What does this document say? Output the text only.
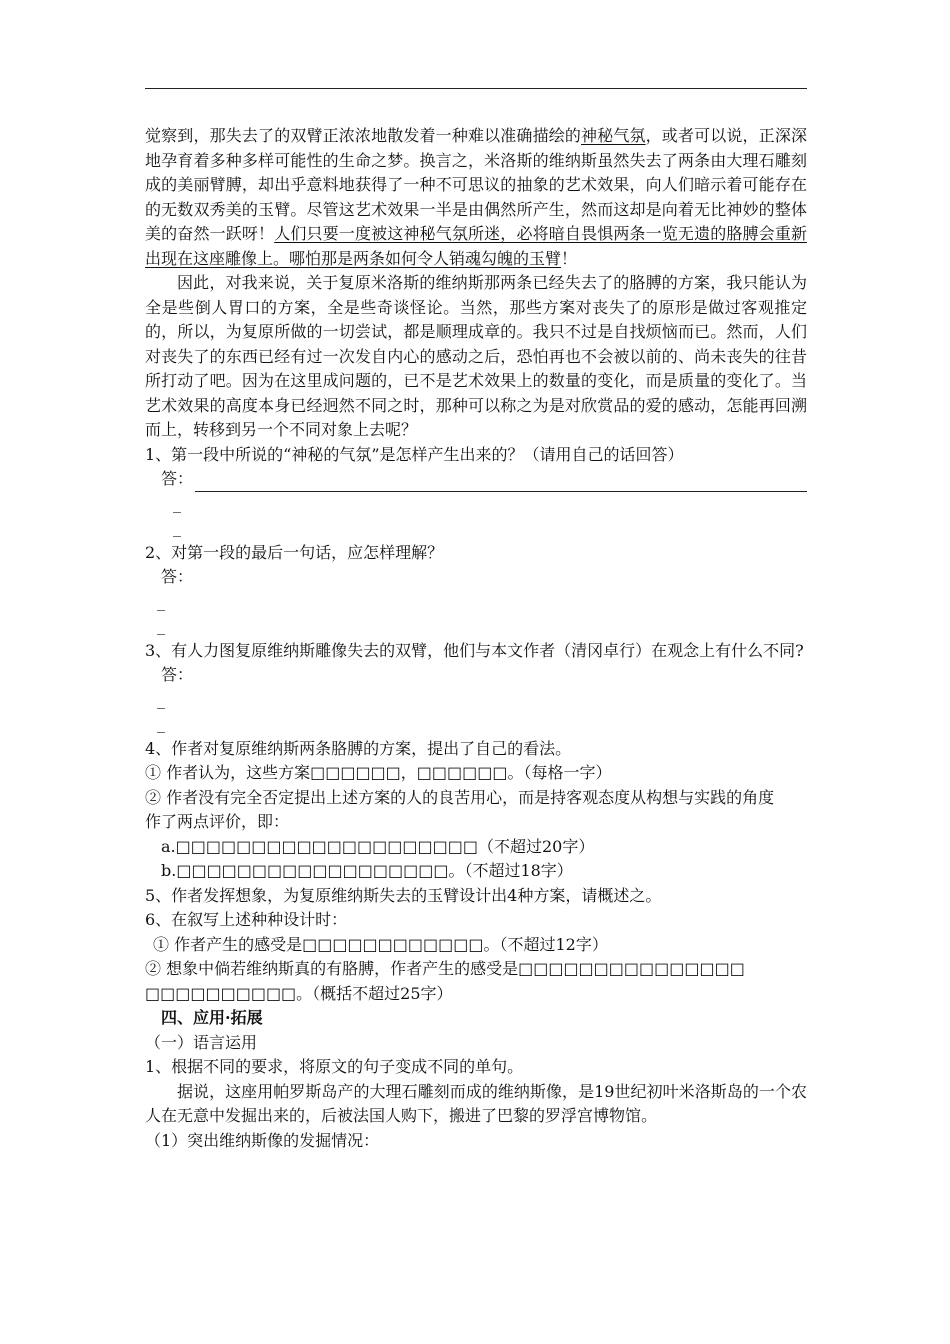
觉察到，那失去了的双臂正浓浓地散发着一种难以准确描绘的神秘气氛，或者可以说，正深深地孕育着多种多样可能性的生命之梦。换言之，米洛斯的维纳斯虽然失去了两条由大理石雕刻成的美丽臂膊，却出乎意料地获得了一种不可思议的抽象的艺术效果，向人们暗示着可能存在的无数双秀美的玉臂。尽管这艺术效果一半是由偶然所产生，然而这却是向着无比神妙的整体美的奋然一跃呀！人们只要一度被这神秘气氛所迷，必将暗自畏惧两条一览无遗的胳膊会重新出现在这座雕像上。哪怕那是两条如何令人销魂勾魄的玉臂！

因此，对我来说，关于复原米洛斯的维纳斯那两条已经失去了的胳膊的方案，我只能认为全是些倒人胃口的方案，全是些奇谈怪论。当然，那些方案对丧失了的原形是做过客观推定的，所以，为复原所做的一切尝试，都是顺理成章的。我只不过是自找烦恼而已。然而，人们对丧失了的东西已经有过一次发自内心的感动之后，恐怕再也不会被以前的、尚未丧失的往昔所打动了吧。因为在这里成问题的，已不是艺术效果上的数量的变化，而是质量的变化了。当艺术效果的高度本身已经迥然不同之时，那种可以称之为是对欣赏品的爱的感动，怎能再回溯而上，转移到另一个不同对象上去呢？

1、第一段中所说的“神秘的气氛”是怎样产生出来的？（请用自己的话回答）

答：

_

_

2、对第一段的最后一句话，应怎样理解？

答：

_

_

3、有人力图复原维纳斯雕像失去的双臂，他们与本文作者（清冈卓行）在观念上有什么不同?

答：

_

_

4、作者对复原维纳斯两条胳膊的方案，提出了自己的看法。

① 作者认为，这些方案□□□□□□，□□□□□□。（每格一字）

② 作者没有完全否定提出上述方案的人的良苦用心，而是持客观态度从构想与实践的角度

作了两点评价，即：

a.□□□□□□□□□□□□□□□□□□□□（不超过20字）

b.□□□□□□□□□□□□□□□□□□。（不超过18字）

5、作者发挥想象，为复原维纳斯失去的玉臂设计出4种方案，请概述之。

6、在叙写上述种种设计时：

① 作者产生的感受是□□□□□□□□□□□□。（不超过12字）

② 想象中倘若维纳斯真的有胳膊，作者产生的感受是□□□□□□□□□□□□□□□

□□□□□□□□□□。（概括不超过25字）

四、应用·拓展

（一）语言运用

1、根据不同的要求，将原文的句子变成不同的单句。

据说，这座用帕罗斯岛产的大理石雕刻而成的维纳斯像，是19世纪初叶米洛斯岛的一个农人在无意中发掘出来的，后被法国人购下，搬进了巴黎的罗浮宫博物馆。

（1）突出维纳斯像的发掘情况：
